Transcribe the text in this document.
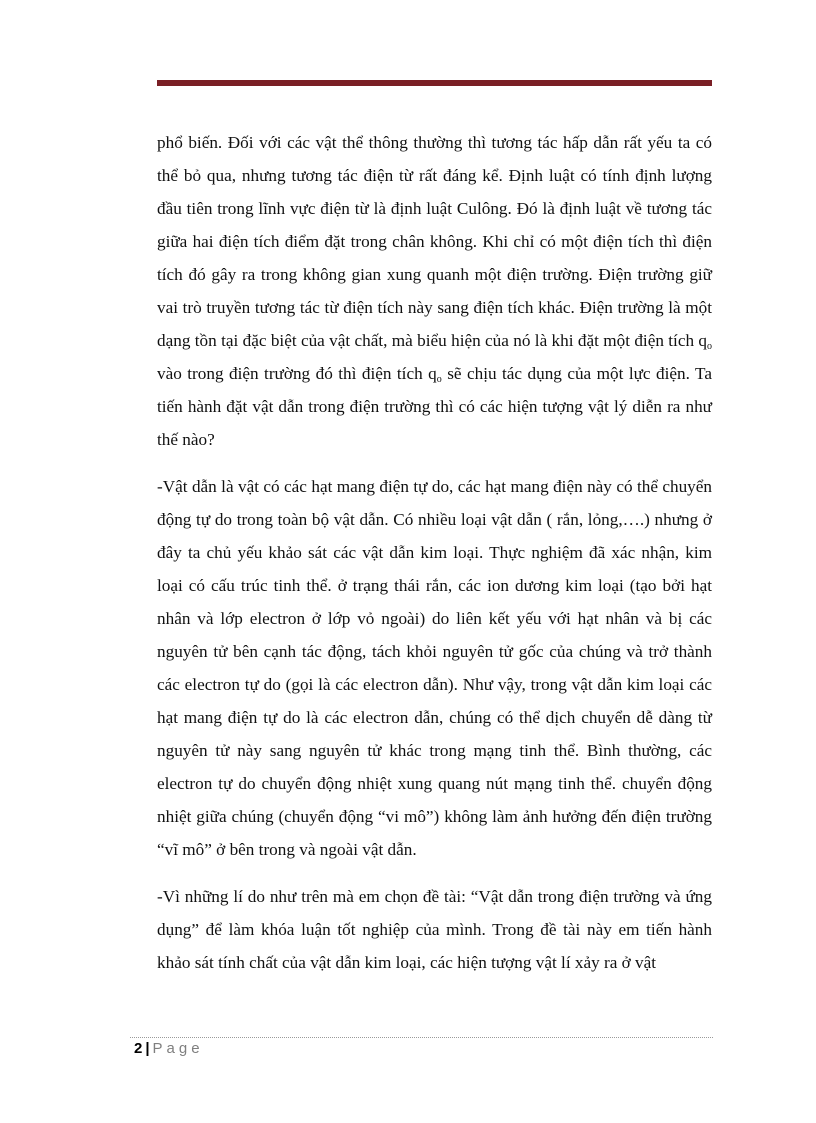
phổ biến. Đối với các vật thể thông thường thì tương tác hấp dẫn rất yếu ta có thể bỏ qua, nhưng tương tác điện từ rất đáng kể. Định luật có tính định lượng đầu tiên trong lĩnh vực điện từ là định luật Culông. Đó là định luật về tương tác giữa hai điện tích điểm đặt trong chân không. Khi chỉ có một điện tích thì điện tích đó gây ra trong không gian xung quanh một điện trường. Điện trường giữ vai trò truyền tương tác từ điện tích này sang điện tích khác. Điện trường là một dạng tồn tại đặc biệt của vật chất, mà biểu hiện của nó là khi đặt một điện tích $q_o$ vào trong điện trường đó thì điện tích $q_o$ sẽ chịu tác dụng của một lực điện. Ta tiến hành đặt vật dẫn trong điện trường thì có các hiện tượng vật lý diễn ra như thế nào?

-Vật dẫn là vật có các hạt mang điện tự do, các hạt mang điện này có thể chuyển động tự do trong toàn bộ vật dẫn. Có nhiều loại vật dẫn ( rắn, lỏng,….) nhưng ở đây ta chủ yếu khảo sát các vật dẫn kim loại. Thực nghiệm đã xác nhận, kim loại có cấu trúc tinh thể. ở trạng thái rắn, các ion dương kim loại (tạo bởi hạt nhân và lớp electron ở lớp vỏ ngoài) do liên kết yếu với hạt nhân và bị các nguyên tử bên cạnh tác động, tách khỏi nguyên tử gốc của chúng và trở thành các electron tự do (gọi là các electron dẫn). Như vậy, trong vật dẫn kim loại các hạt mang điện tự do là các electron dẫn, chúng có thể dịch chuyển dễ dàng từ nguyên tử này sang nguyên tử khác trong mạng tinh thể. Bình thường, các electron tự do chuyển động nhiệt xung quang nút mạng tinh thể. chuyển động nhiệt giữa chúng (chuyển động “vi mô”) không làm ảnh hưởng đến điện trường “vĩ mô” ở bên trong và ngoài vật dẫn.

-Vì những lí do như trên mà em chọn đề tài: “Vật dẫn trong điện trường và ứng dụng” để làm khóa luận tốt nghiệp của mình. Trong đề tài này em tiến hành khảo sát tính chất của vật dẫn kim loại, các hiện tượng vật lí xảy ra ở vật

2 | Page
